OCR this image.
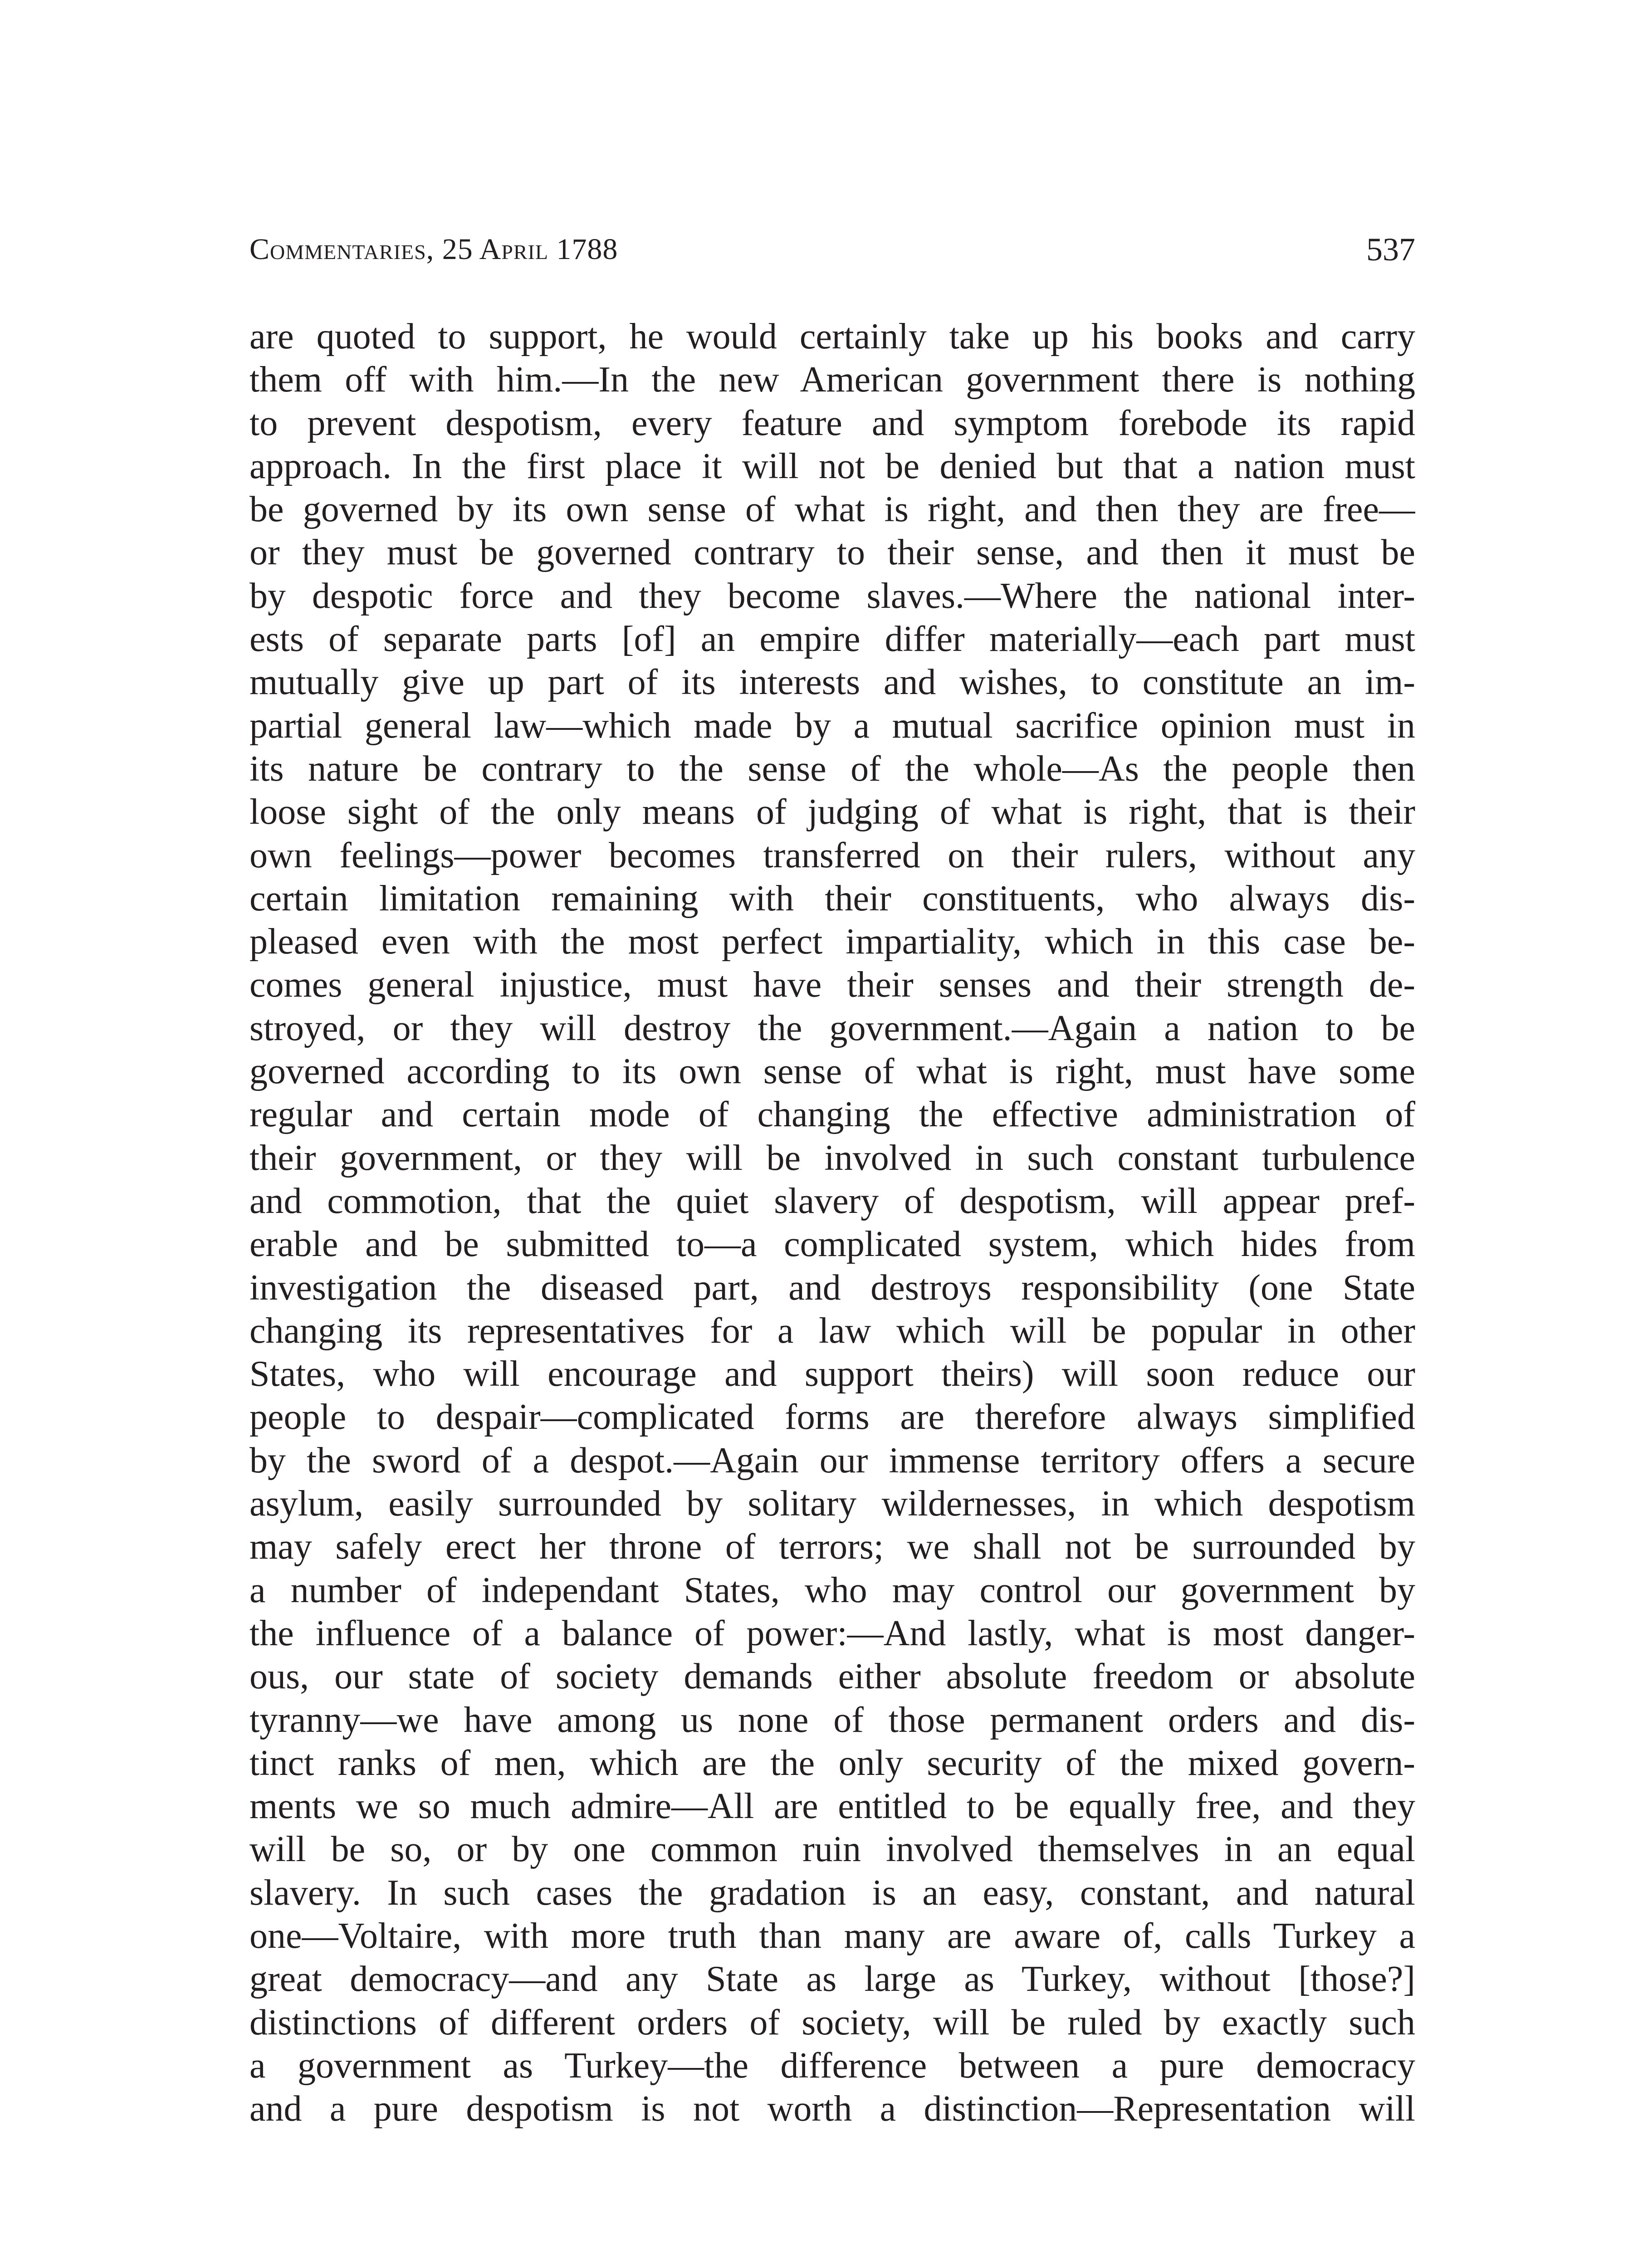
Commentaries, 25 April 1788	537
are quoted to support, he would certainly take up his books and carry
them off with him.—In the new American government there is nothing
to prevent despotism, every feature and symptom forebode its rapid
approach. In the first place it will not be denied but that a nation must
be governed by its own sense of what is right, and then they are free—
or they must be governed contrary to their sense, and then it must be
by despotic force and they become slaves.—Where the national inter-
ests of separate parts [of] an empire differ materially—each part must
mutually give up part of its interests and wishes, to constitute an im-
partial general law—which made by a mutual sacrifice opinion must in
its nature be contrary to the sense of the whole—As the people then
loose sight of the only means of judging of what is right, that is their
own feelings—power becomes transferred on their rulers, without any
certain limitation remaining with their constituents, who always dis-
pleased even with the most perfect impartiality, which in this case be-
comes general injustice, must have their senses and their strength de-
stroyed, or they will destroy the government.—Again a nation to be
governed according to its own sense of what is right, must have some
regular and certain mode of changing the effective administration of
their government, or they will be involved in such constant turbulence
and commotion, that the quiet slavery of despotism, will appear pref-
erable and be submitted to—a complicated system, which hides from
investigation the diseased part, and destroys responsibility (one State
changing its representatives for a law which will be popular in other
States, who will encourage and support theirs) will soon reduce our
people to despair—complicated forms are therefore always simplified
by the sword of a despot.—Again our immense territory offers a secure
asylum, easily surrounded by solitary wildernesses, in which despotism
may safely erect her throne of terrors; we shall not be surrounded by
a number of independant States, who may control our government by
the influence of a balance of power:—And lastly, what is most danger-
ous, our state of society demands either absolute freedom or absolute
tyranny—we have among us none of those permanent orders and dis-
tinct ranks of men, which are the only security of the mixed govern-
ments we so much admire—All are entitled to be equally free, and they
will be so, or by one common ruin involved themselves in an equal
slavery. In such cases the gradation is an easy, constant, and natural
one—Voltaire, with more truth than many are aware of, calls Turkey a
great democracy—and any State as large as Turkey, without [those?]
distinctions of different orders of society, will be ruled by exactly such
a government as Turkey—the difference between a pure democracy
and a pure despotism is not worth a distinction—Representation will
